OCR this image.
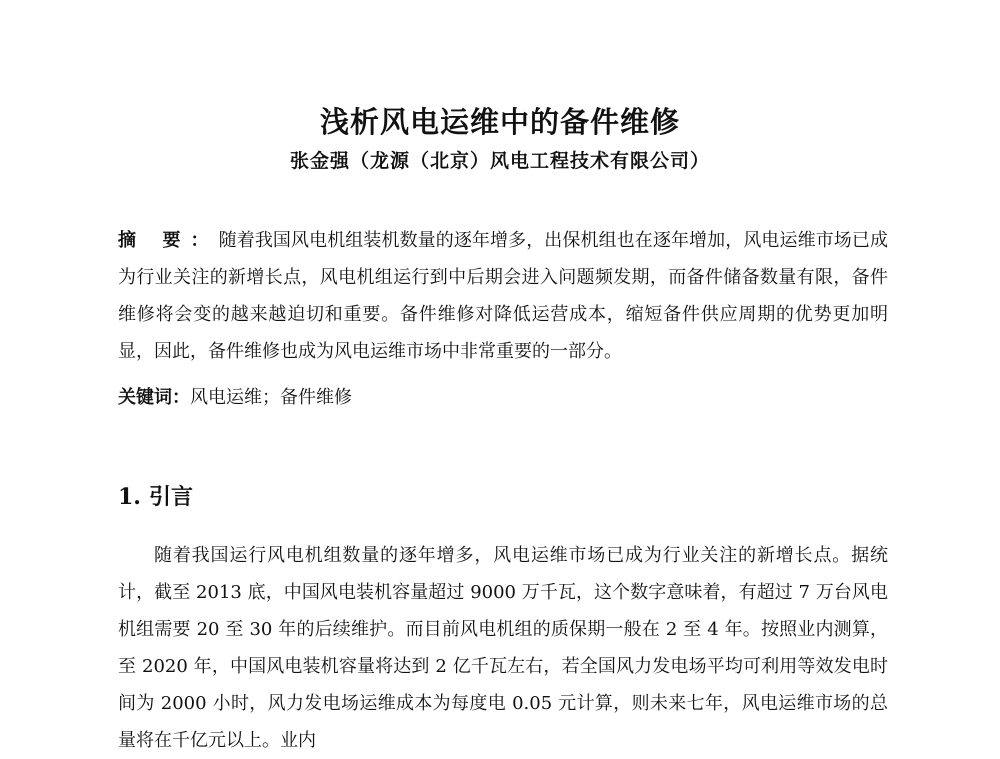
浅析风电运维中的备件维修

张金强（龙源（北京）风电工程技术有限公司）

摘 要：随着我国风电机组装机数量的逐年增多，出保机组也在逐年增加，风电运维市场已成为行业关注的新增长点，风电机组运行到中后期会进入问题频发期，而备件储备数量有限，备件维修将会变的越来越迫切和重要。备件维修对降低运营成本，缩短备件供应周期的优势更加明显，因此，备件维修也成为风电运维市场中非常重要的一部分。

关键词：风电运维；备件维修

1. 引言

随着我国运行风电机组数量的逐年增多，风电运维市场已成为行业关注的新增长点。据统计，截至 2013 底，中国风电装机容量超过 9000 万千瓦，这个数字意味着，有超过 7 万台风电机组需要 20 至 30 年的后续维护。而目前风电机组的质保期一般在 2 至 4 年。按照业内测算，至 2020 年，中国风电装机容量将达到 2 亿千瓦左右，若全国风力发电场平均可利用等效发电时间为 2000 小时，风力发电场运维成本为每度电 0.05 元计算，则未来七年，风电运维市场的总量将在千亿元以上。业内
